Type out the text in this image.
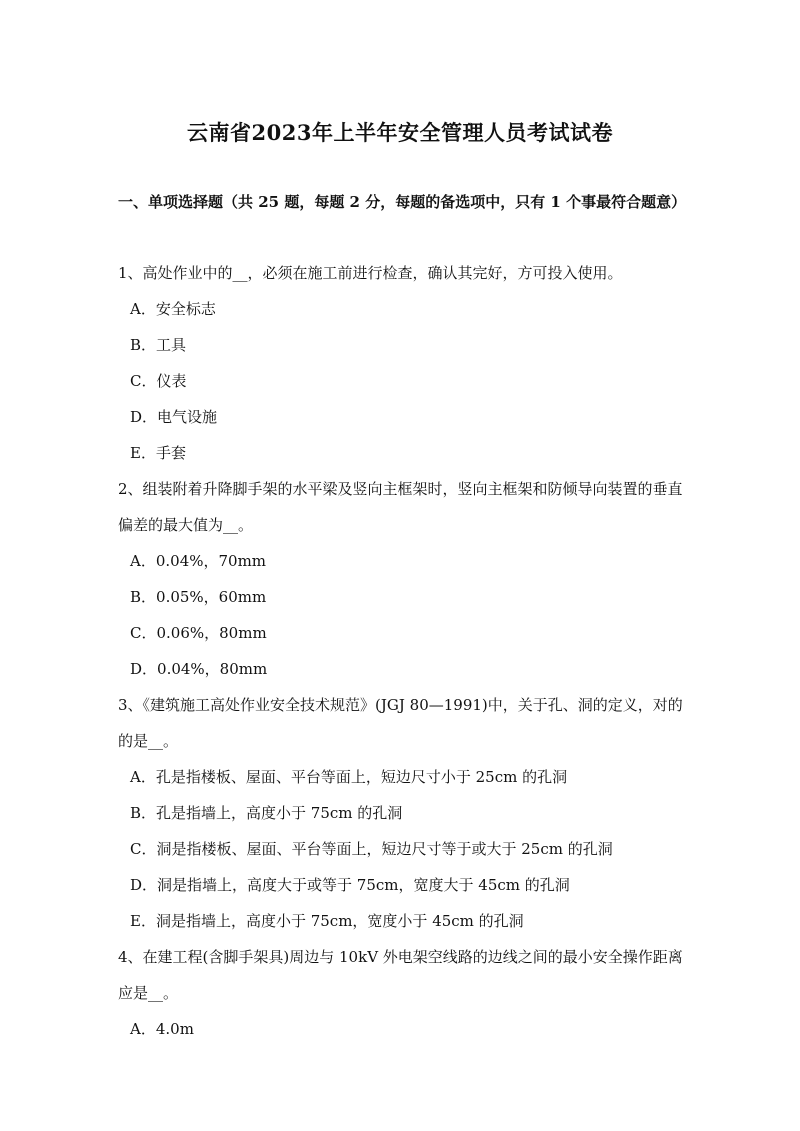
云南省2023年上半年安全管理人员考试试卷
一、单项选择题（共 25 题，每题 2 分，每题的备选项中，只有 1 个事最符合题意）

1、高处作业中的__，必须在施工前进行检查，确认其完好，方可投入使用。

A．安全标志

B．工具

C．仪表

D．电气设施

E．手套

2、组装附着升降脚手架的水平梁及竖向主框架时，竖向主框架和防倾导向装置的垂直偏差的最大值为__。

A．0.04%，70mm

B．0.05%，60mm

C．0.06%，80mm

D．0.04%，80mm

3、《建筑施工高处作业安全技术规范》(JGJ 80—1991)中，关于孔、洞的定义，对的的是__。

A．孔是指楼板、屋面、平台等面上，短边尺寸小于 25cm 的孔洞

B．孔是指墙上，高度小于 75cm 的孔洞

C．洞是指楼板、屋面、平台等面上，短边尺寸等于或大于 25cm 的孔洞

D．洞是指墙上，高度大于或等于 75cm，宽度大于 45cm 的孔洞

E．洞是指墙上，高度小于 75cm，宽度小于 45cm 的孔洞

4、在建工程(含脚手架具)周边与 10kV 外电架空线路的边线之间的最小安全操作距离应是__。

A．4.0m
